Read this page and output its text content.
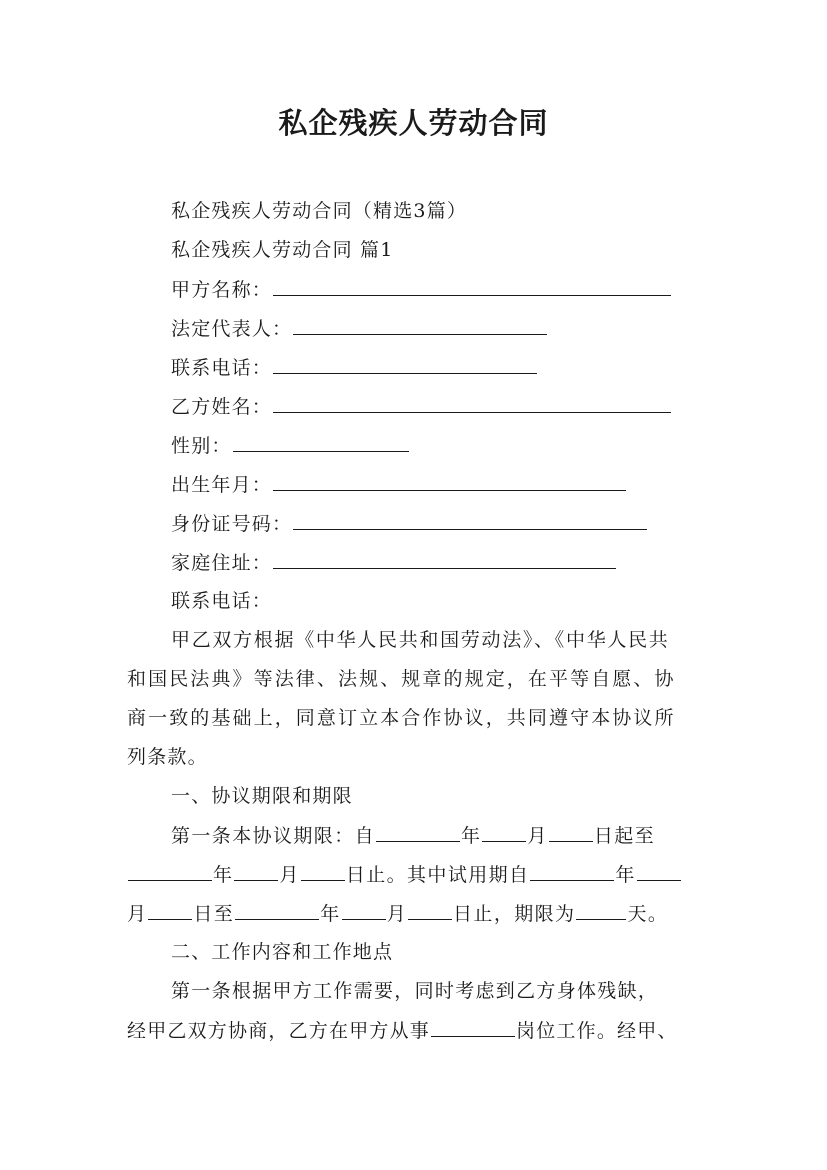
私企残疾人劳动合同
私企残疾人劳动合同（精选3篇）
私企残疾人劳动合同 篇1
甲方名称：
法定代表人：
联系电话：
乙方姓名：
性别：
出生年月：
身份证号码：
家庭住址：
联系电话：
甲乙双方根据《中华人民共和国劳动法》、《中华人民共
和国民法典》等法律、法规、规章的规定，在平等自愿、协
商一致的基础上，同意订立本合作协议，共同遵守本协议所
列条款。
一、协议期限和期限
第一条本协议期限：自	年 月 日起至
年 月 日止。其中试用期自	年
月 日至	年 月 日止，期限为	天。
二、工作内容和工作地点
第一条根据甲方工作需要，同时考虑到乙方身体残缺，
经甲乙双方协商，乙方在甲方从事	岗位工作。经甲、
